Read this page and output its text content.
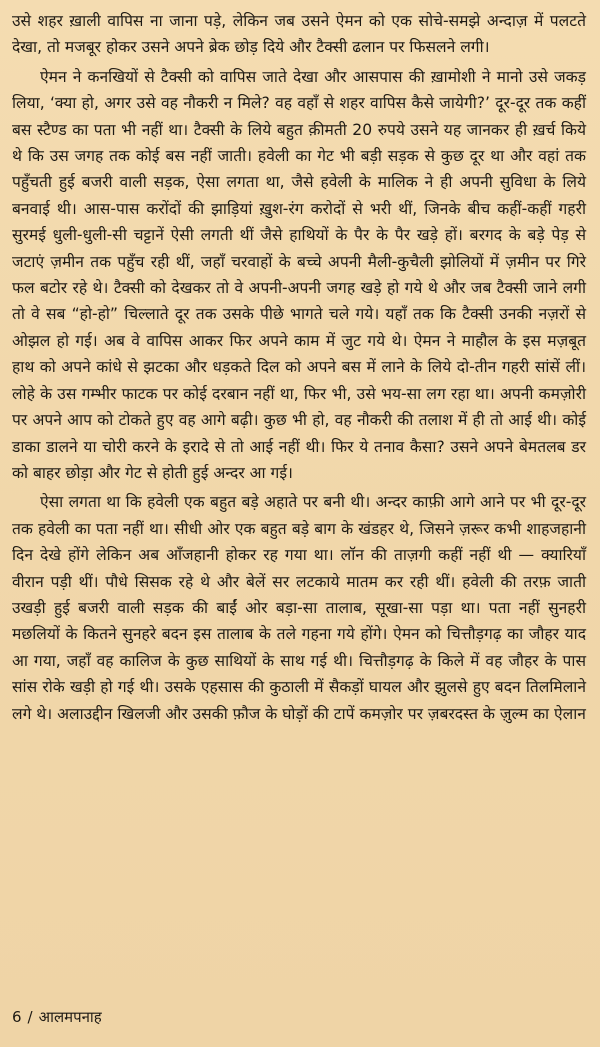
उसे शहर ख़ाली वापिस ना जाना पड़े, लेकिन जब उसने ऐमन को एक सोचे-समझे अन्दाज़ में पलटते देखा, तो मजबूर होकर उसने अपने ब्रेक छोड़ दिये और टैक्सी ढलान पर फिसलने लगी।

ऐमन ने कनखियों से टैक्सी को वापिस जाते देखा और आसपास की ख़ामोशी ने मानो उसे जकड़ लिया, ‘क्या हो, अगर उसे वह नौकरी न मिले? वह वहाँ से शहर वापिस कैसे जायेगी?’ दूर-दूर तक कहीं बस स्टैण्ड का पता भी नहीं था। टैक्सी के लिये बहुत क़ीमती 20 रुपये उसने यह जानकर ही ख़र्च किये थे कि उस जगह तक कोई बस नहीं जाती। हवेली का गेट भी बड़ी सड़क से कुछ दूर था और वहां तक पहुँचती हुई बजरी वाली सड़क, ऐसा लगता था, जैसे हवेली के मालिक ने ही अपनी सुविधा के लिये बनवाई थी। आस-पास करोंदों की झाड़ियां ख़ुश-रंग करोदों से भरी थीं, जिनके बीच कहीं-कहीं गहरी सुरमई धुली-धुली-सी चट्टानें ऐसी लगती थीं जैसे हाथियों के पैर के पैर खड़े हों। बरगद के बड़े पेड़ से जटाएं ज़मीन तक पहुँच रही थीं, जहाँ चरवाहों के बच्चे अपनी मैली-कुचैली झोलियों में ज़मीन पर गिरे फल बटोर रहे थे। टैक्सी को देखकर तो वे अपनी-अपनी जगह खड़े हो गये थे और जब टैक्सी जाने लगी तो वे सब “हो-हो” चिल्लाते दूर तक उसके पीछे भागते चले गये। यहाँ तक कि टैक्सी उनकी नज़रों से ओझल हो गई। अब वे वापिस आकर फिर अपने काम में जुट गये थे। ऐमन ने माहौल के इस मज़बूत हाथ को अपने कांधे से झटका और धड़कते दिल को अपने बस में लाने के लिये दो-तीन गहरी सांसें लीं। लोहे के उस गम्भीर फाटक पर कोई दरबान नहीं था, फिर भी, उसे भय-सा लग रहा था। अपनी कमज़ोरी पर अपने आप को टोकते हुए वह आगे बढ़ी। कुछ भी हो, वह नौकरी की तलाश में ही तो आई थी। कोई डाका डालने या चोरी करने के इरादे से तो आई नहीं थी। फिर ये तनाव कैसा? उसने अपने बेमतलब डर को बाहर छोड़ा और गेट से होती हुई अन्दर आ गई।

ऐसा लगता था कि हवेली एक बहुत बड़े अहाते पर बनी थी। अन्दर काफ़ी आगे आने पर भी दूर-दूर तक हवेली का पता नहीं था। सीधी ओर एक बहुत बड़े बाग के खंडहर थे, जिसने ज़रूर कभी शाहजहानी दिन देखे होंगे लेकिन अब आँजहानी होकर रह गया था। लॉन की ताज़गी कहीं नहीं थी — क्यारियाँ वीरान पड़ी थीं। पौधे सिसक रहे थे और बेलें सर लटकाये मातम कर रही थीं। हवेली की तरफ़ जाती उखड़ी हुई बजरी वाली सड़क की बाईं ओर बड़ा-सा तालाब, सूखा-सा पड़ा था। पता नहीं सुनहरी मछलियों के कितने सुनहरे बदन इस तालाब के तले गहना गये होंगे। ऐमन को चित्तौड़गढ़ का जौहर याद आ गया, जहाँ वह कालिज के कुछ साथियों के साथ गई थी। चित्तौड़गढ़ के किले में वह जौहर के पास सांस रोके खड़ी हो गई थी। उसके एहसास की कुठाली में सैकड़ों घायल और झुलसे हुए बदन तिलमिलाने लगे थे। अलाउद्दीन खिलजी और उसकी फ़ौज के घोड़ों की टापें कमज़ोर पर ज़बरदस्त के ज़ुल्म का ऐलान

6 / आलमपनाह
